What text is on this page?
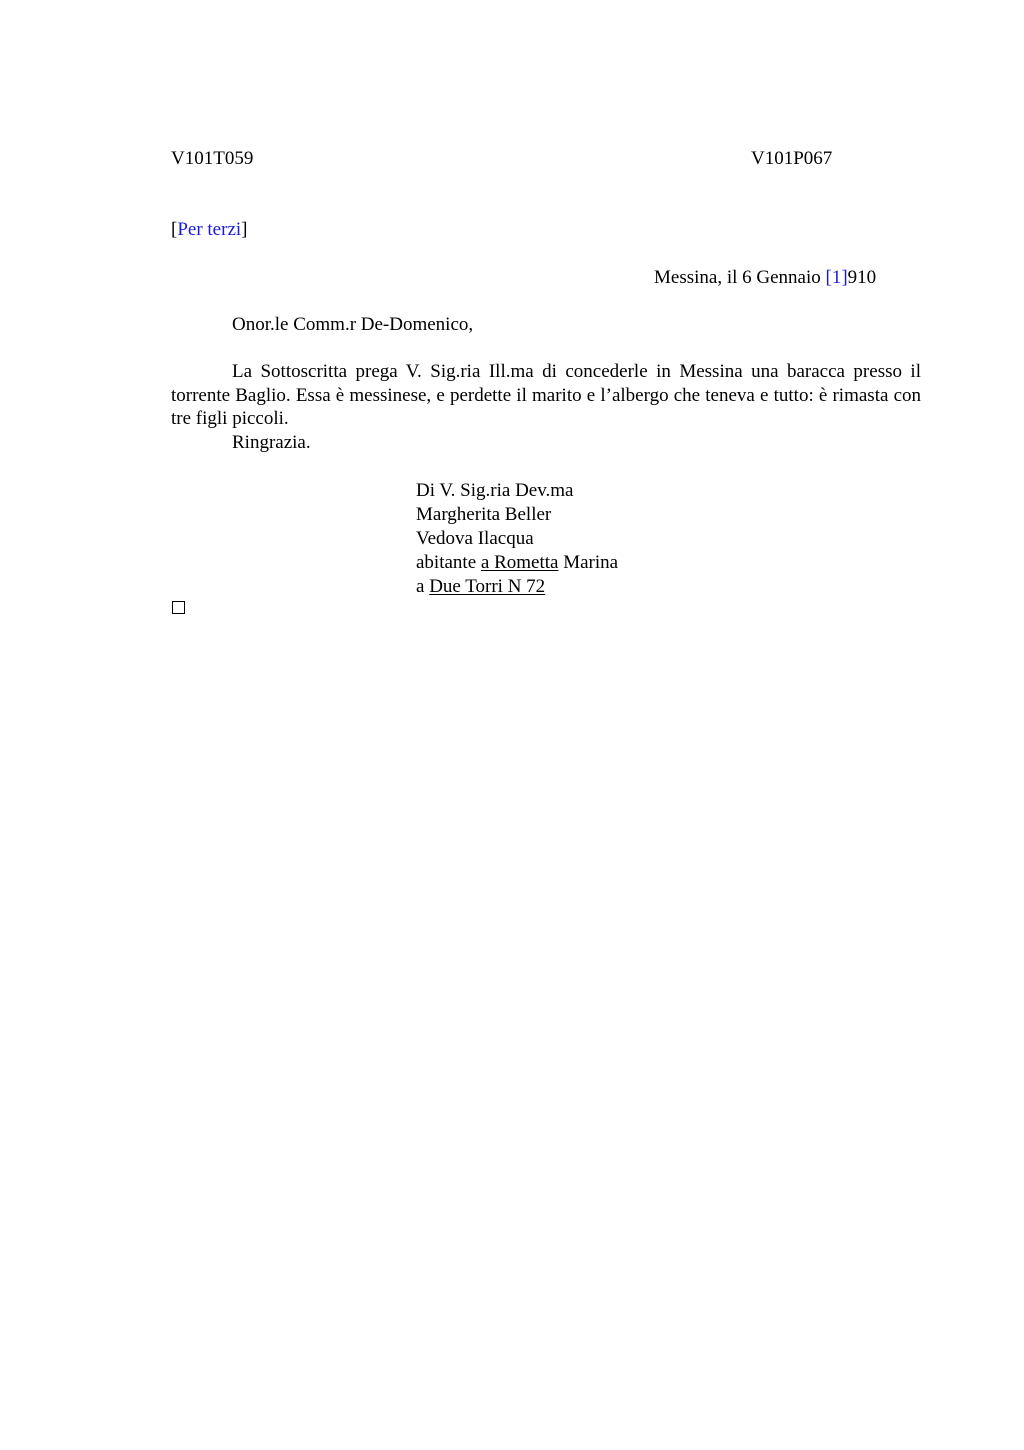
V101T059	V101P067
[Per terzi]
Messina, il 6 Gennaio [1]910
Onor.le Comm.r De-Domenico,

La Sottoscritta prega V. Sig.ria Ill.ma di concederle in Messina una baracca presso il torrente Baglio. Essa è messinese, e perdette il marito e l’albergo che teneva e tutto: è rimasta con tre figli piccoli.

Ringrazia.

Di V. Sig.ria Dev.ma
Margherita Beller
Vedova Ilacqua
abitante a Rometta Marina
a Due Torri N 72
